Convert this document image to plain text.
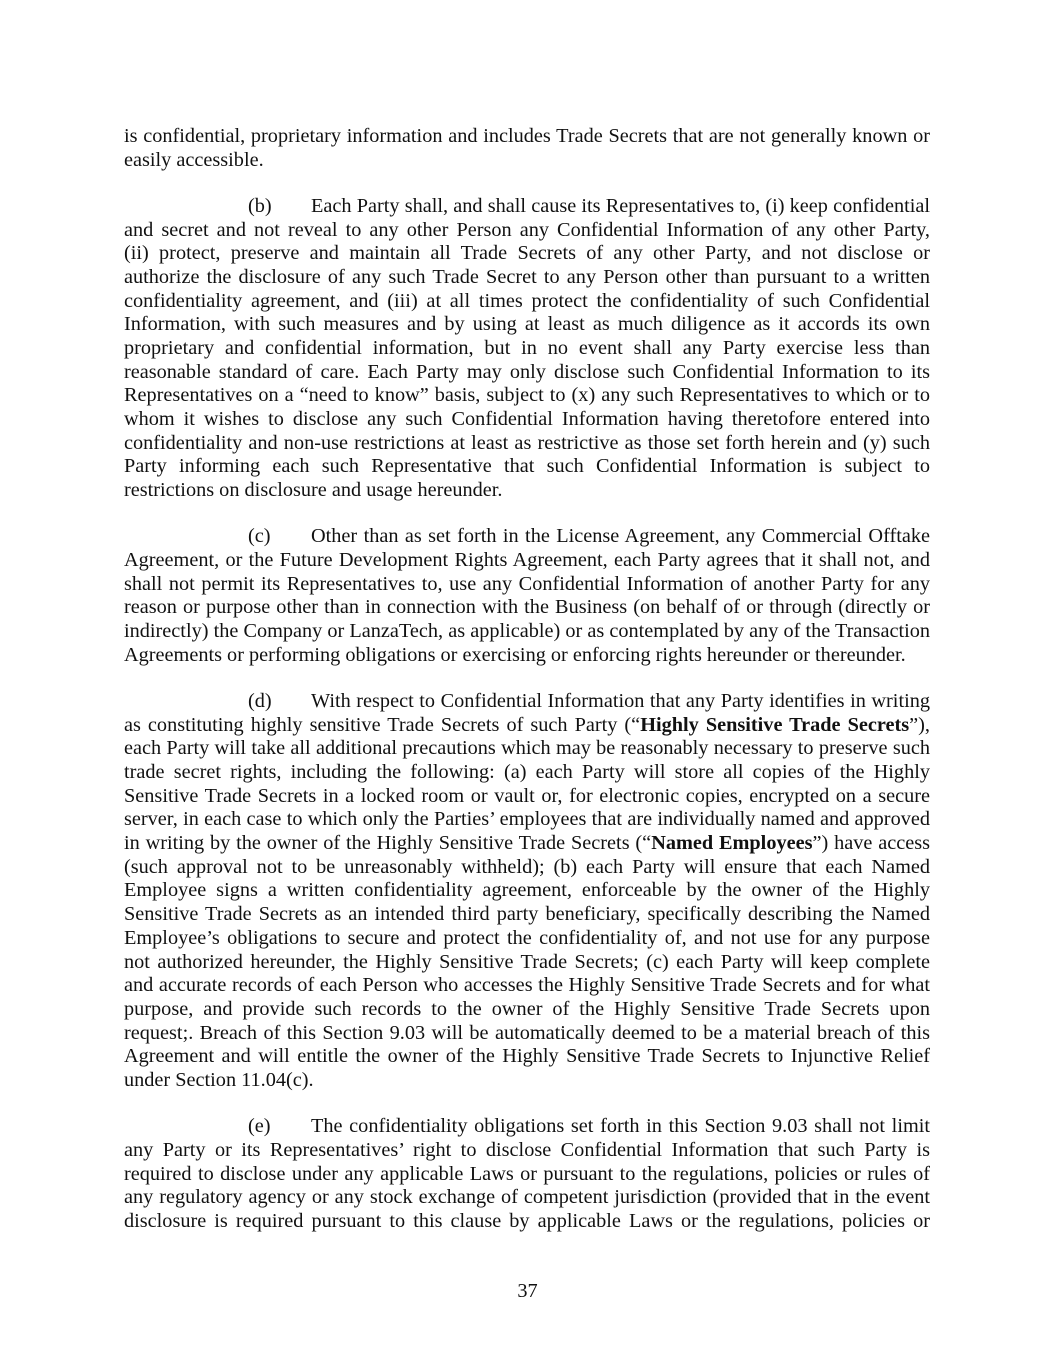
is confidential, proprietary information and includes Trade Secrets that are not generally known or
easily accessible.
(b)	Each Party shall, and shall cause its Representatives to, (i) keep confidential
and secret and not reveal to any other Person any Confidential Information of any other Party,
(ii) protect, preserve and maintain all Trade Secrets of any other Party, and not disclose or
authorize the disclosure of any such Trade Secret to any Person other than pursuant to a written
confidentiality agreement, and (iii) at all times protect the confidentiality of such Confidential
Information, with such measures and by using at least as much diligence as it accords its own
proprietary and confidential information, but in no event shall any Party exercise less than
reasonable standard of care. Each Party may only disclose such Confidential Information to its
Representatives on a “need to know” basis, subject to (x) any such Representatives to which or to
whom it wishes to disclose any such Confidential Information having theretofore entered into
confidentiality and non-use restrictions at least as restrictive as those set forth herein and (y) such
Party informing each such Representative that such Confidential Information is subject to
restrictions on disclosure and usage hereunder.
(c)	Other than as set forth in the License Agreement, any Commercial Offtake
Agreement, or the Future Development Rights Agreement, each Party agrees that it shall not, and
shall not permit its Representatives to, use any Confidential Information of another Party for any
reason or purpose other than in connection with the Business (on behalf of or through (directly or
indirectly) the Company or LanzaTech, as applicable) or as contemplated by any of the Transaction
Agreements or performing obligations or exercising or enforcing rights hereunder or thereunder.
(d)	With respect to Confidential Information that any Party identifies in writing
as constituting highly sensitive Trade Secrets of such Party (“Highly Sensitive Trade Secrets”),
each Party will take all additional precautions which may be reasonably necessary to preserve such
trade secret rights, including the following: (a) each Party will store all copies of the Highly
Sensitive Trade Secrets in a locked room or vault or, for electronic copies, encrypted on a secure
server, in each case to which only the Parties’ employees that are individually named and approved
in writing by the owner of the Highly Sensitive Trade Secrets (“Named Employees”) have access
(such approval not to be unreasonably withheld); (b) each Party will ensure that each Named
Employee signs a written confidentiality agreement, enforceable by the owner of the Highly
Sensitive Trade Secrets as an intended third party beneficiary, specifically describing the Named
Employee’s obligations to secure and protect the confidentiality of, and not use for any purpose
not authorized hereunder, the Highly Sensitive Trade Secrets; (c) each Party will keep complete
and accurate records of each Person who accesses the Highly Sensitive Trade Secrets and for what
purpose, and provide such records to the owner of the Highly Sensitive Trade Secrets upon
request;. Breach of this Section 9.03 will be automatically deemed to be a material breach of this
Agreement and will entitle the owner of the Highly Sensitive Trade Secrets to Injunctive Relief
under Section 11.04(c).
(e)	The confidentiality obligations set forth in this Section 9.03 shall not limit
any Party or its Representatives’ right to disclose Confidential Information that such Party is
required to disclose under any applicable Laws or pursuant to the regulations, policies or rules of
any regulatory agency or any stock exchange of competent jurisdiction (provided that in the event
disclosure is required pursuant to this clause by applicable Laws or the regulations, policies or
37
